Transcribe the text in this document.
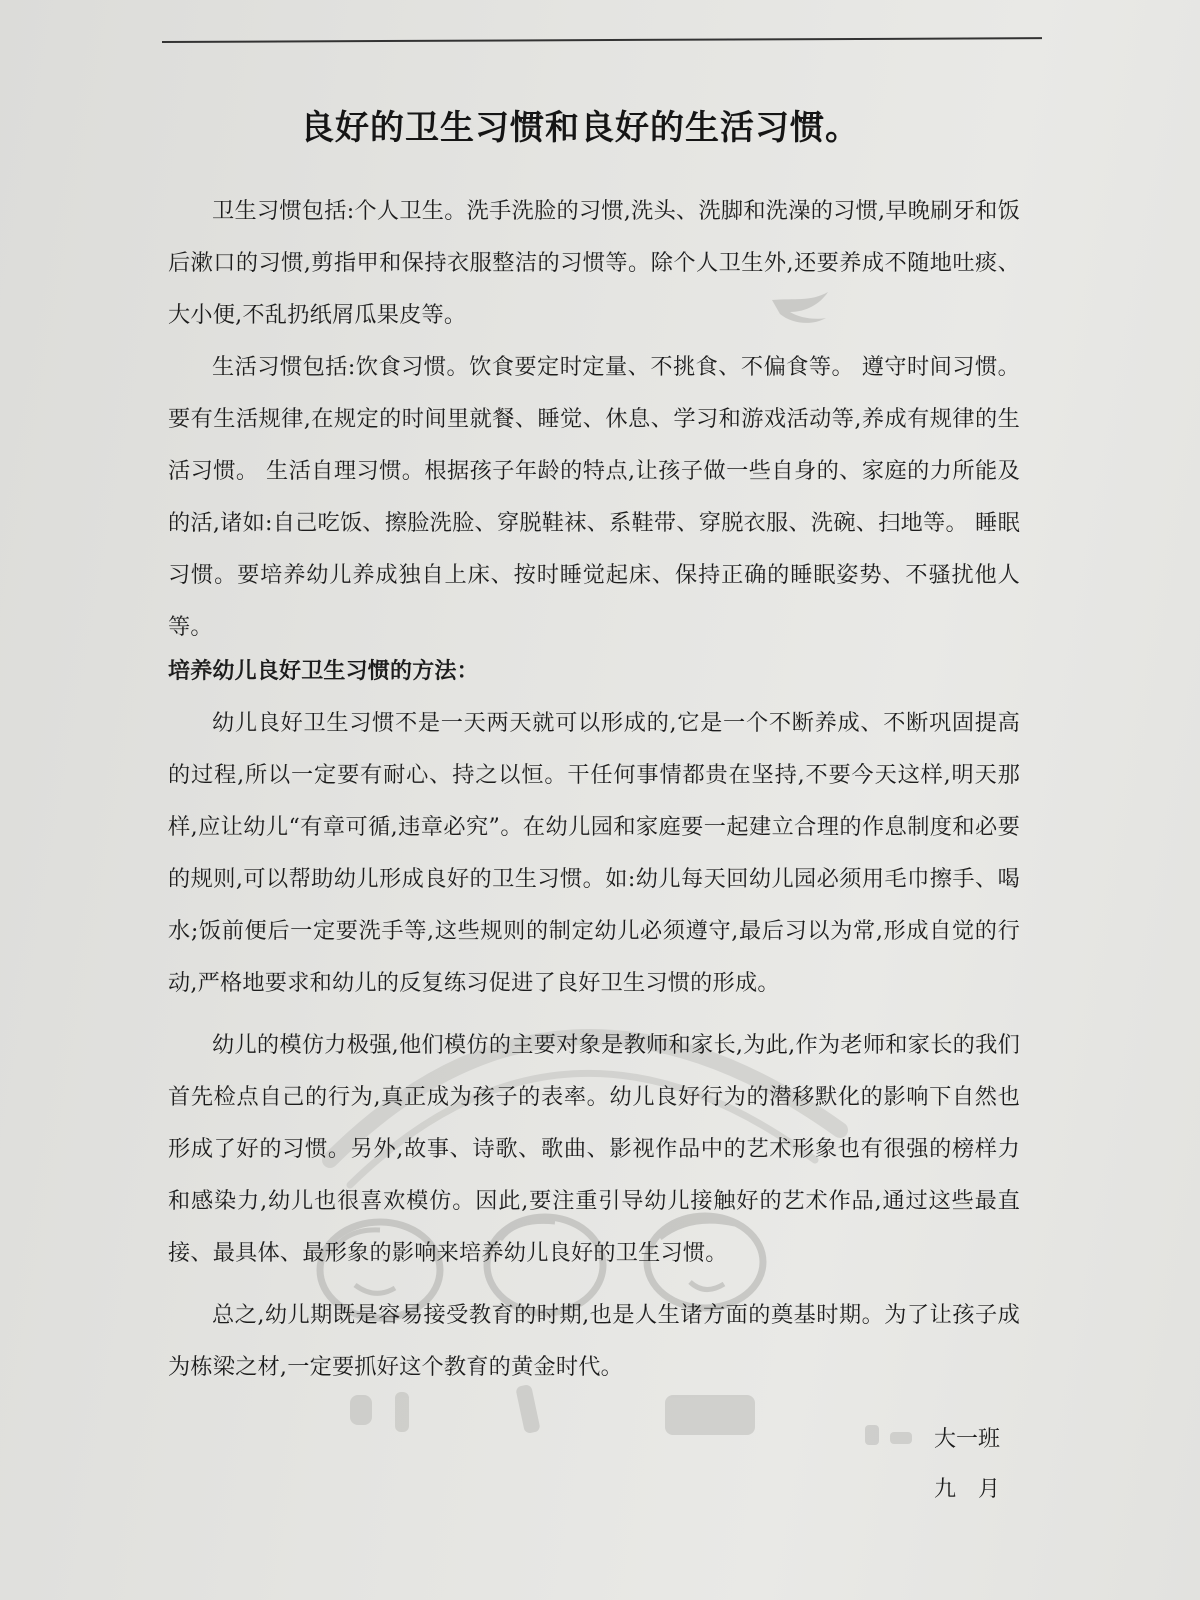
良好的卫生习惯和良好的生活习惯。

卫生习惯包括:个人卫生。洗手洗脸的习惯,洗头、洗脚和洗澡的习惯,早晚刷牙和饭后漱口的习惯,剪指甲和保持衣服整洁的习惯等。除个人卫生外,还要养成不随地吐痰、大小便,不乱扔纸屑瓜果皮等。

生活习惯包括:饮食习惯。饮食要定时定量、不挑食、不偏食等。 遵守时间习惯。要有生活规律,在规定的时间里就餐、睡觉、休息、学习和游戏活动等,养成有规律的生活习惯。 生活自理习惯。根据孩子年龄的特点,让孩子做一些自身的、家庭的力所能及的活,诸如:自己吃饭、擦脸洗脸、穿脱鞋袜、系鞋带、穿脱衣服、洗碗、扫地等。 睡眠习惯。要培养幼儿养成独自上床、按时睡觉起床、保持正确的睡眠姿势、不骚扰他人等。

培养幼儿良好卫生习惯的方法：

幼儿良好卫生习惯不是一天两天就可以形成的,它是一个不断养成、不断巩固提高的过程,所以一定要有耐心、持之以恒。干任何事情都贵在坚持,不要今天这样,明天那样,应让幼儿“有章可循,违章必究”。在幼儿园和家庭要一起建立合理的作息制度和必要的规则,可以帮助幼儿形成良好的卫生习惯。如:幼儿每天回幼儿园必须用毛巾擦手、喝水;饭前便后一定要洗手等,这些规则的制定幼儿必须遵守,最后习以为常,形成自觉的行动,严格地要求和幼儿的反复练习促进了良好卫生习惯的形成。

幼儿的模仿力极强,他们模仿的主要对象是教师和家长,为此,作为老师和家长的我们首先检点自己的行为,真正成为孩子的表率。幼儿良好行为的潜移默化的影响下自然也形成了好的习惯。另外,故事、诗歌、歌曲、影视作品中的艺术形象也有很强的榜样力和感染力,幼儿也很喜欢模仿。因此,要注重引导幼儿接触好的艺术作品,通过这些最直接、最具体、最形象的影响来培养幼儿良好的卫生习惯。

总之,幼儿期既是容易接受教育的时期,也是人生诸方面的奠基时期。为了让孩子成为栋梁之材,一定要抓好这个教育的黄金时代。

大一班
九　月
